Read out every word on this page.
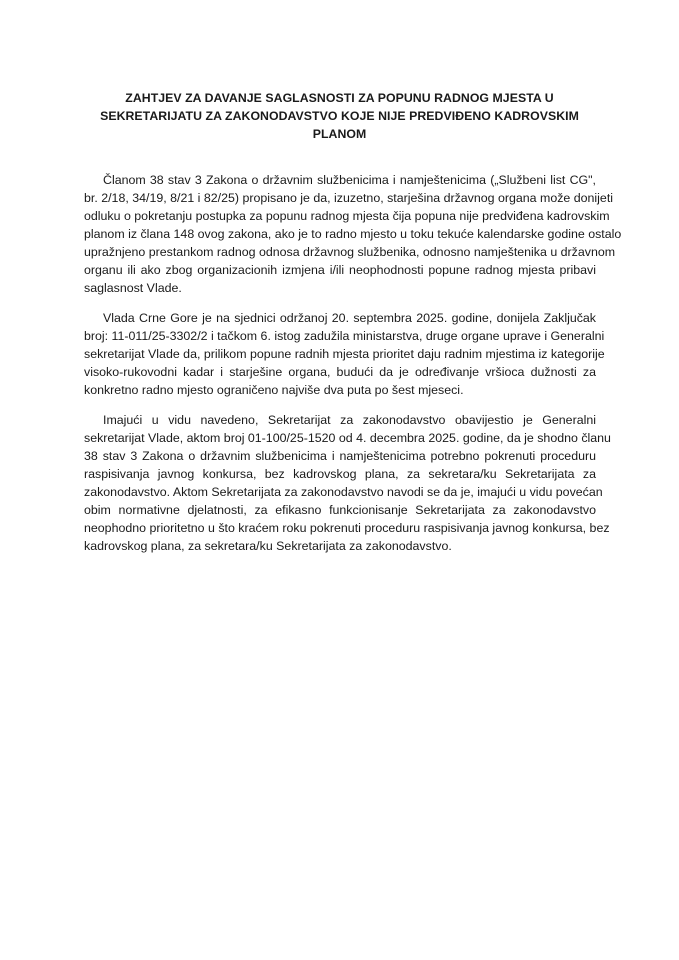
ZAHTJEV ZA DAVANJE SAGLASNOSTI ZA POPUNU RADNOG MJESTA U
SEKRETARIJATU ZA ZAKONODAVSTVO KOJE NIJE PREDVIĐENO KADROVSKIM
PLANOM
Članom 38 stav 3 Zakona o državnim službenicima i namještenicima („Službeni list CG",
br. 2/18, 34/19, 8/21 i 82/25) propisano je da, izuzetno, starješina državnog organa može donijeti
odluku o pokretanju postupka za popunu radnog mjesta čija popuna nije predviđena kadrovskim
planom iz člana 148 ovog zakona, ako je to radno mjesto u toku tekuće kalendarske godine ostalo
upražnjeno prestankom radnog odnosa državnog službenika, odnosno namještenika u državnom
organu ili ako zbog organizacionih izmjena i/ili neophodnosti popune radnog mjesta pribavi
saglasnost Vlade.
Vlada Crne Gore je na sjednici održanoj 20. septembra 2025. godine, donijela Zaključak
broj: 11-011/25-3302/2 i tačkom 6. istog zadužila ministarstva, druge organe uprave i Generalni
sekretarijat Vlade da, prilikom popune radnih mjesta prioritet daju radnim mjestima iz kategorije
visoko-rukovodni kadar i starješine organa, budući da je određivanje vršioca dužnosti za
konkretno radno mjesto ograničeno najviše dva puta po šest mjeseci.
Imajući u vidu navedeno, Sekretarijat za zakonodavstvo obavijestio je Generalni
sekretarijat Vlade, aktom broj 01-100/25-1520 od 4. decembra 2025. godine, da je shodno članu
38 stav 3 Zakona o državnim službenicima i namještenicima potrebno pokrenuti proceduru
raspisivanja javnog konkursa, bez kadrovskog plana, za sekretara/ku Sekretarijata za
zakonodavstvo. Aktom Sekretarijata za zakonodavstvo navodi se da je, imajući u vidu povećan
obim normativne djelatnosti, za efikasno funkcionisanje Sekretarijata za zakonodavstvo
neophodno prioritetno u što kraćem roku pokrenuti proceduru raspisivanja javnog konkursa, bez
kadrovskog plana, za sekretara/ku Sekretarijata za zakonodavstvo.
